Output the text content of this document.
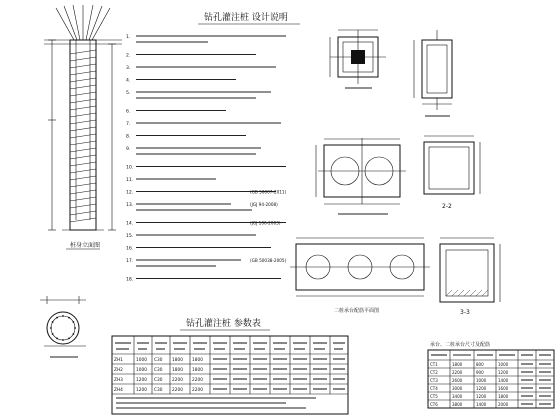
桩身立面图
钻孔灌注桩 设计说明
1.
2.
3.
4.
5.
6.
7.
8.
9.
10.
11.
12.	(GB 50007-2011)
13.	(JGJ 94-2008)
14.	(JGJ 106-2003)
15.
16.
17.	(GB 50038-2005)
18.
2-2
二桩承台配筋平面图	3-3
钻孔灌注桩 参数表
ZH1	1000 C30 1800 1800
ZH2	1000 C30 1800 1800
ZH3	1200 C30 2200 2200
ZH4	1200 C30 2200 2200
承台、二桩承台尺寸及配筋
CT1	1800	800	1000
CT2	2200	900	1200
CT3	2600	1000	1400
CT4	3000	1200	1600
CT5	3400	1200	1800
CT6	3800	1400	2000
